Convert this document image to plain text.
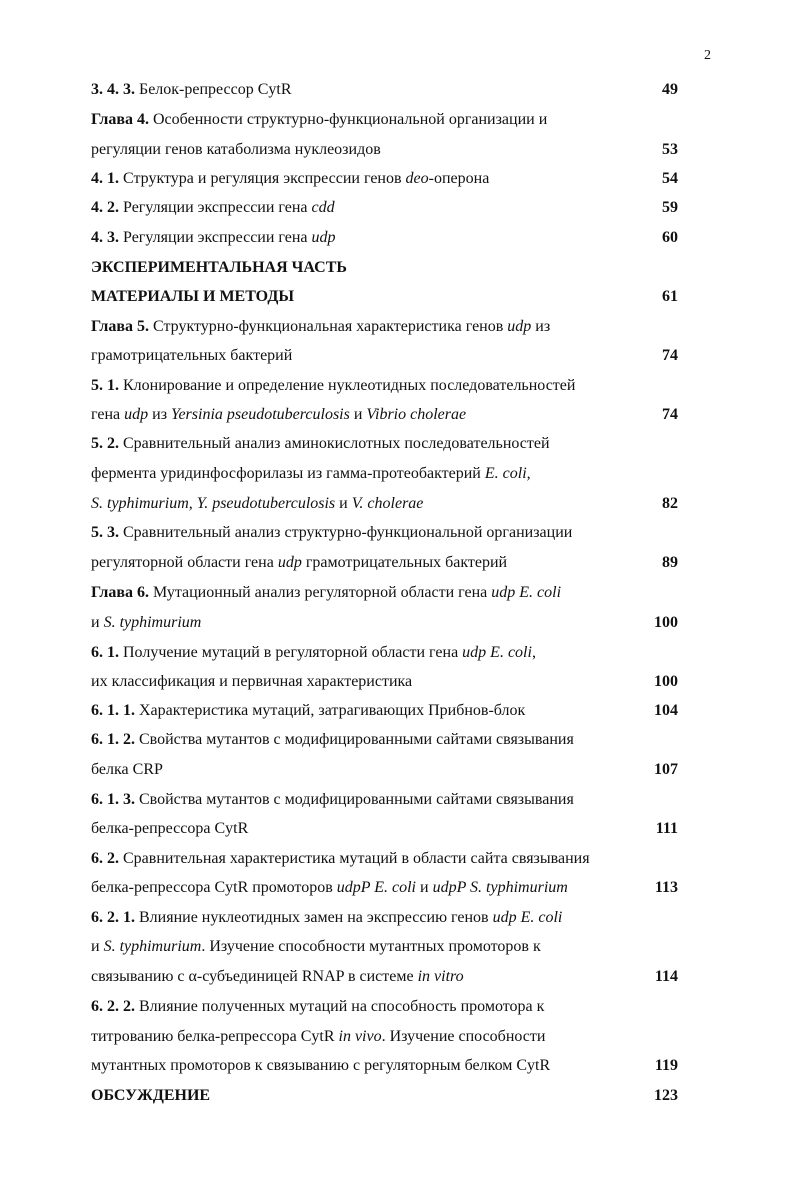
2
3. 4. 3. Белок-репрессор CytR	49
Глава 4. Особенности структурно-функциональной организации и
регуляции генов катаболизма нуклеозидов	53
4. 1. Структура и регуляция экспрессии генов deo-оперона	54
4. 2. Регуляции экспрессии гена cdd	59
4. 3. Регуляции экспрессии гена udp	60
ЭКСПЕРИМЕНТАЛЬНАЯ ЧАСТЬ
МАТЕРИАЛЫ И МЕТОДЫ	61
Глава 5. Структурно-функциональная характеристика генов udp из
грамотрицательных бактерий	74
5. 1. Клонирование и определение нуклеотидных последовательностей
гена udp из Yersinia pseudotuberculosis и Vibrio cholerae	74
5. 2. Сравнительный анализ аминокислотных последовательностей
фермента уридинфосфорилазы из гамма-протеобактерий E. coli,
S. typhimurium, Y. pseudotuberculosis и V. cholerae	82
5. 3. Сравнительный анализ структурно-функциональной организации
регуляторной области гена udp грамотрицательных бактерий	89
Глава 6. Мутационный анализ регуляторной области гена udp E. coli
и S. typhimurium	100
6. 1. Получение мутаций в регуляторной области гена udp E. coli,
их классификация и первичная характеристика	100
6. 1. 1. Характеристика мутаций, затрагивающих Прибнов-блок	104
6. 1. 2. Свойства мутантов с модифицированными сайтами связывания
белка CRP	107
6. 1. 3. Свойства мутантов с модифицированными сайтами связывания
белка-репрессора CytR	111
6. 2. Сравнительная характеристика мутаций в области сайта связывания
белка-репрессора CytR промоторов udpP E. coli и udpP S. typhimurium	113
6. 2. 1. Влияние нуклеотидных замен на экспрессию генов udp E. coli
и S. typhimurium. Изучение способности мутантных промоторов к
связыванию с α-субъединицей RNAP в системе in vitro	114
6. 2. 2. Влияние полученных мутаций на способность промотора к
титрованию белка-репрессора CytR in vivo. Изучение способности
мутантных промоторов к связыванию с регуляторным белком CytR	119
ОБСУЖДЕНИЕ	123
